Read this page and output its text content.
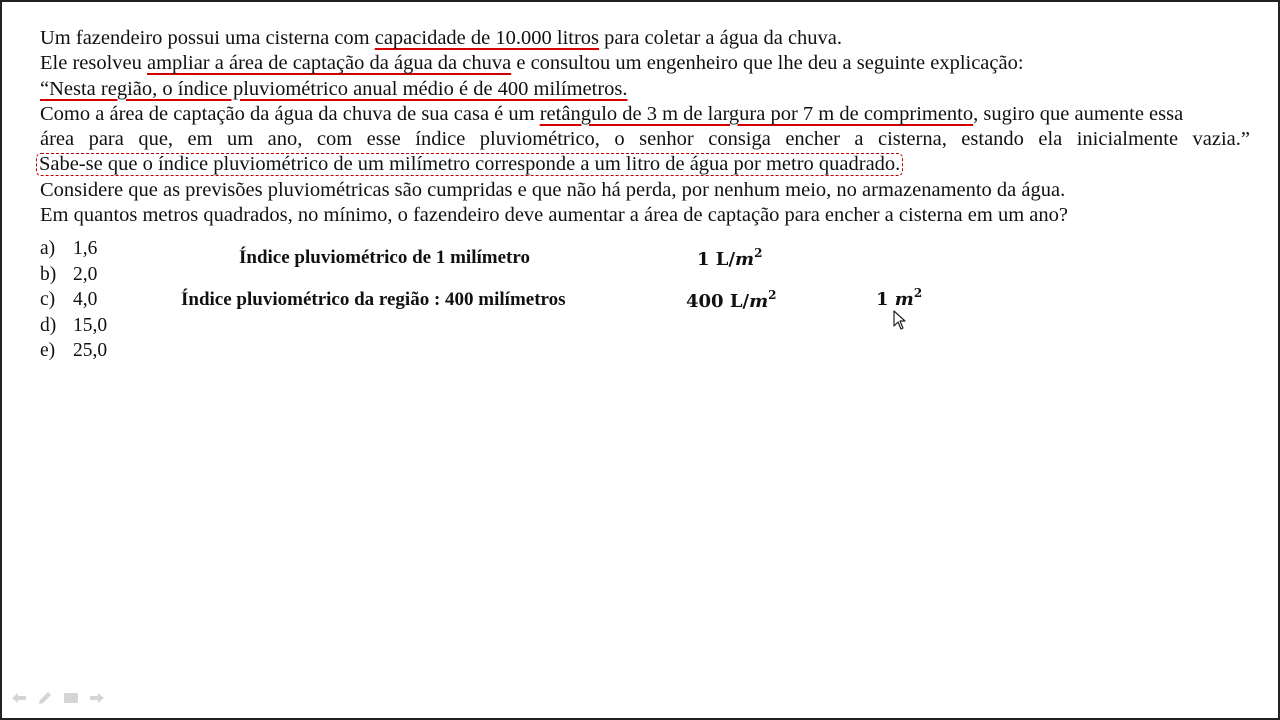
Um fazendeiro possui uma cisterna com capacidade de 10.000 litros para coletar a água da chuva.
Ele resolveu ampliar a área de captação da água da chuva e consultou um engenheiro que lhe deu a seguinte explicação:
“Nesta região, o índice pluviométrico anual médio é de 400 milímetros.
Como a área de captação da água da chuva de sua casa é um retângulo de 3 m de largura por 7 m de comprimento, sugiro que aumente essa
área para que, em um ano, com esse índice pluviométrico, o senhor consiga encher a cisterna, estando ela inicialmente vazia.”
Sabe-se que o índice pluviométrico de um milímetro corresponde a um litro de água por metro quadrado.
Considere que as previsões pluviométricas são cumpridas e que não há perda, por nenhum meio, no armazenamento da água.
Em quantos metros quadrados, no mínimo, o fazendeiro deve aumentar a área de captação para encher a cisterna em um ano?
a) 1,6
b) 2,0
c) 4,0
d) 15,0
e) 25,0
Índice pluviométrico de 1 milímetro	1 $L/m^2$
Índice pluviométrico da região : 400 milímetros	400 $L/m^2$	1 $m^2$
